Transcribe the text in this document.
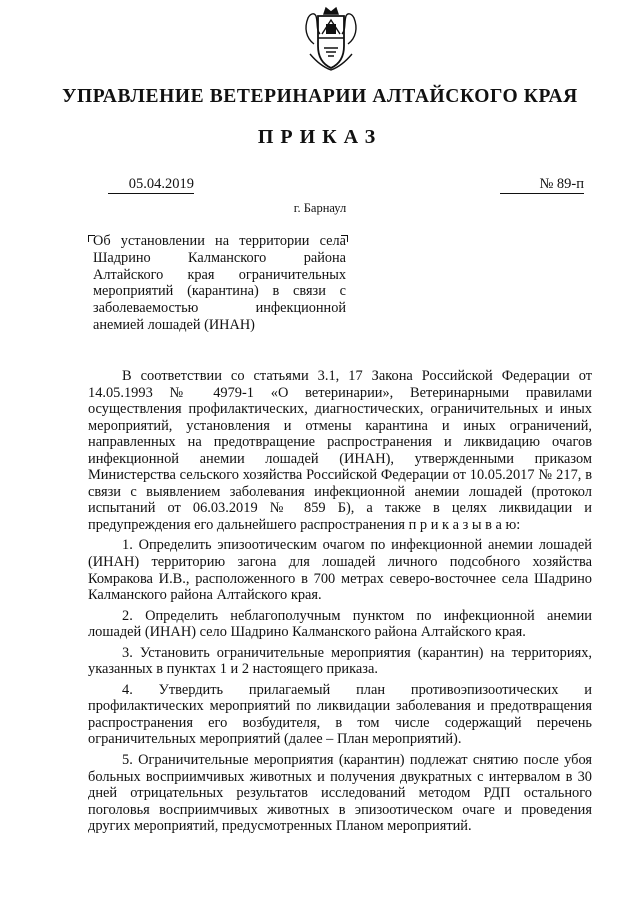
УПРАВЛЕНИЕ ВЕТЕРИНАРИИ АЛТАЙСКОГО КРАЯ
ПРИКАЗ
05.04.2019	№ 89-п
г. Барнаул
Об установлении на территории села Шадрино Калманского района Алтайского края ограничительных мероприятий (карантина) в связи с заболеваемостью инфекционной анемией лошадей (ИНАН)

В соответствии со статьями 3.1, 17 Закона Российской Федерации от 14.05.1993 № 4979-1 «О ветеринарии», Ветеринарными правилами осуществления профилактических, диагностических, ограничительных и иных мероприятий, установления и отмены карантина и иных ограничений, направленных на предотвращение распространения и ликвидацию очагов инфекционной анемии лошадей (ИНАН), утвержденными приказом Министерства сельского хозяйства Российской Федерации от 10.05.2017 № 217, в связи с выявлением заболевания инфекционной анемии лошадей (протокол испытаний от 06.03.2019 № 859 Б), а также в целях ликвидации и предупреждения его дальнейшего распространения п р и к а з ы в а ю:

1. Определить эпизоотическим очагом по инфекционной анемии лошадей (ИНАН) территорию загона для лошадей личного подсобного хозяйства Комракова И.В., расположенного в 700 метрах северо-восточнее села Шадрино Калманского района Алтайского края.

2. Определить неблагополучным пунктом по инфекционной анемии лошадей (ИНАН) село Шадрино Калманского района Алтайского края.

3. Установить ограничительные мероприятия (карантин) на территориях, указанных в пунктах 1 и 2 настоящего приказа.

4. Утвердить прилагаемый план противоэпизоотических и профилактических мероприятий по ликвидации заболевания и предотвращения распространения его возбудителя, в том числе содержащий перечень ограничительных мероприятий (далее – План мероприятий).

5. Ограничительные мероприятия (карантин) подлежат снятию после убоя больных восприимчивых животных и получения двукратных с интервалом в 30 дней отрицательных результатов исследований методом РДП остального поголовья восприимчивых животных в эпизоотическом очаге и проведения других мероприятий, предусмотренных Планом мероприятий.
